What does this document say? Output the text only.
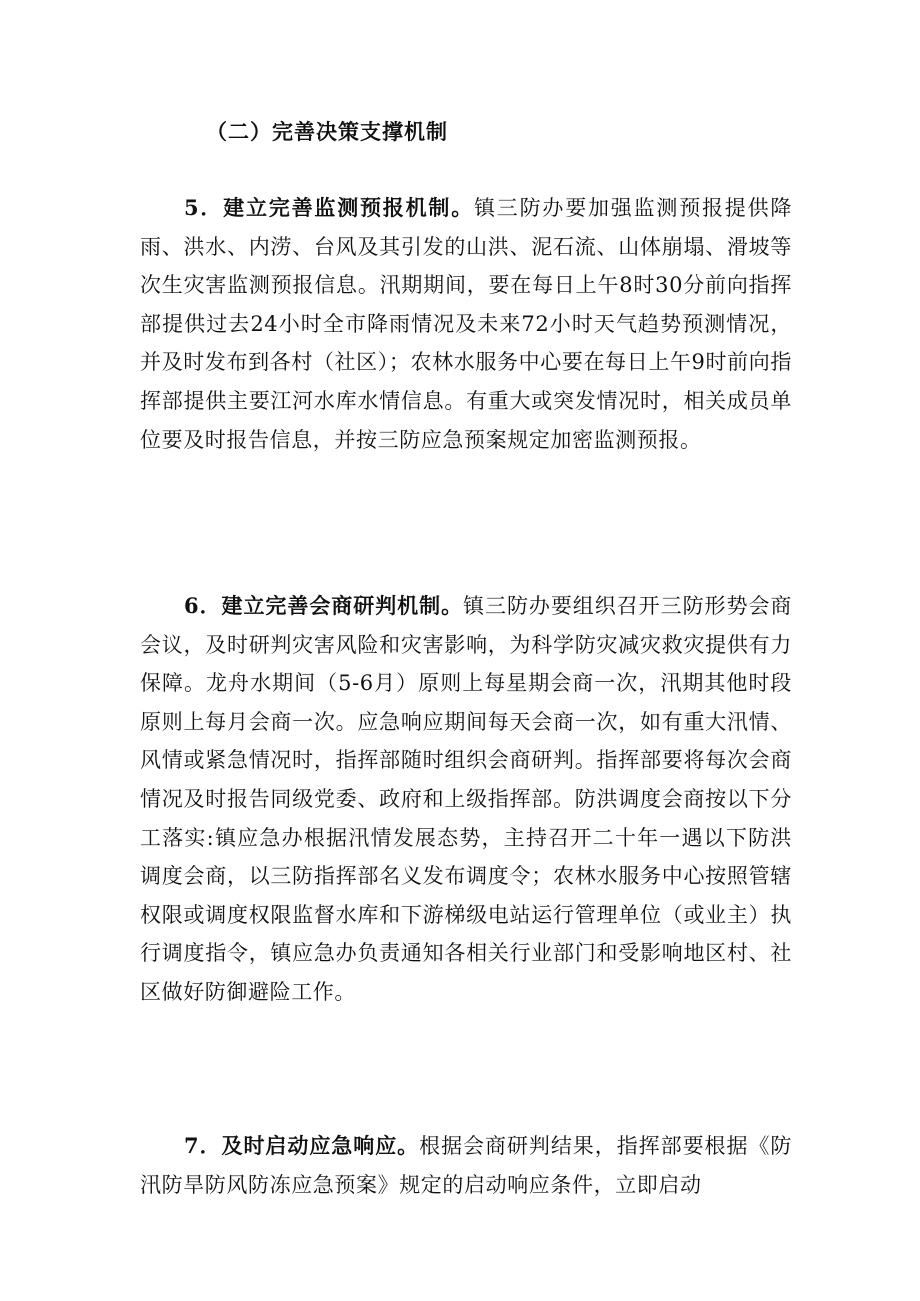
（二）完善决策支撑机制

5．建立完善监测预报机制。镇三防办要加强监测预报提供降雨、洪水、内涝、台风及其引发的山洪、泥石流、山体崩塌、滑坡等次生灾害监测预报信息。汛期期间，要在每日上午8时30分前向指挥部提供过去24小时全市降雨情况及未来72小时天气趋势预测情况，并及时发布到各村（社区）；农林水服务中心要在每日上午9时前向指挥部提供主要江河水库水情信息。有重大或突发情况时，相关成员单位要及时报告信息，并按三防应急预案规定加密监测预报。

6．建立完善会商研判机制。镇三防办要组织召开三防形势会商会议，及时研判灾害风险和灾害影响，为科学防灾减灾救灾提供有力保障。龙舟水期间（5-6月）原则上每星期会商一次，汛期其他时段原则上每月会商一次。应急响应期间每天会商一次，如有重大汛情、风情或紧急情况时，指挥部随时组织会商研判。指挥部要将每次会商情况及时报告同级党委、政府和上级指挥部。防洪调度会商按以下分工落实:镇应急办根据汛情发展态势，主持召开二十年一遇以下防洪调度会商，以三防指挥部名义发布调度令；农林水服务中心按照管辖权限或调度权限监督水库和下游梯级电站运行管理单位（或业主）执行调度指令，镇应急办负责通知各相关行业部门和受影响地区村、社区做好防御避险工作。

7．及时启动应急响应。根据会商研判结果，指挥部要根据《防汛防旱防风防冻应急预案》规定的启动响应条件，立即启动
